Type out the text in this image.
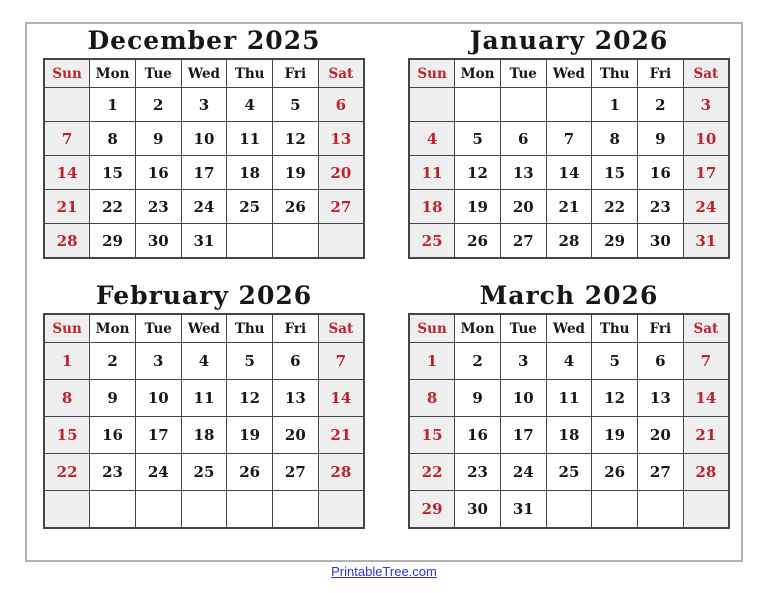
December 2025
Sun	Mon	Tue	Wed	Thu	Fri	Sat
	1	2	3	4	5	6
7	8	9	10	11	12	13
14	15	16	17	18	19	20
21	22	23	24	25	26	27
28	29	30	31			
January 2026
Sun	Mon	Tue	Wed	Thu	Fri	Sat
				1	2	3
4	5	6	7	8	9	10
11	12	13	14	15	16	17
18	19	20	21	22	23	24
25	26	27	28	29	30	31
February 2026
Sun	Mon	Tue	Wed	Thu	Fri	Sat
1	2	3	4	5	6	7
8	9	10	11	12	13	14
15	16	17	18	19	20	21
22	23	24	25	26	27	28

March 2026
Sun	Mon	Tue	Wed	Thu	Fri	Sat
1	2	3	4	5	6	7
8	9	10	11	12	13	14
15	16	17	18	19	20	21
22	23	24	25	26	27	28
29	30	31				
PrintableTree.com
